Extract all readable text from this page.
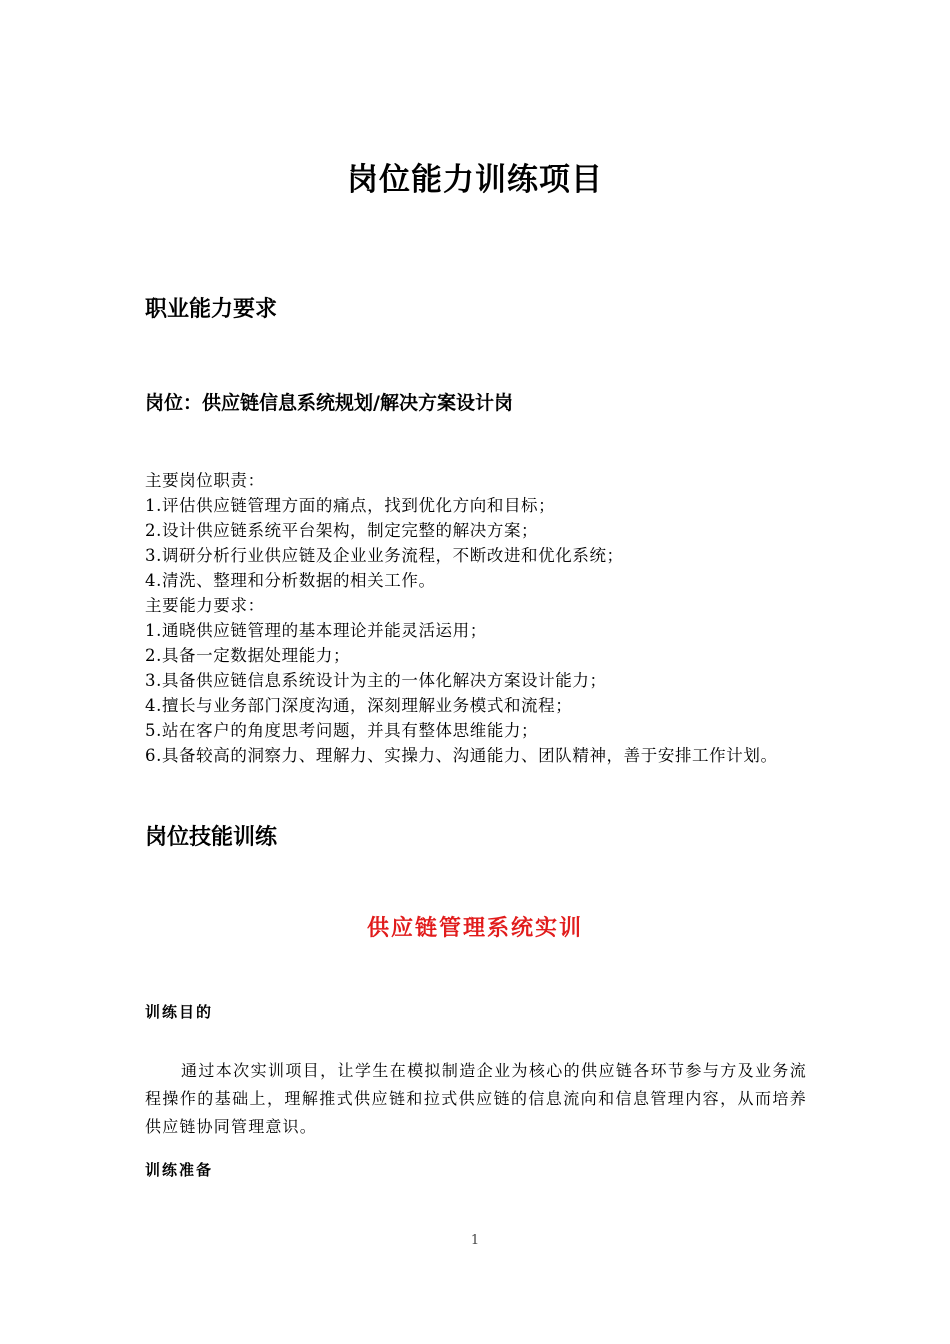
岗位能力训练项目
职业能力要求
岗位：供应链信息系统规划/解决方案设计岗
主要岗位职责：
1.评估供应链管理方面的痛点，找到优化方向和目标；
2.设计供应链系统平台架构，制定完整的解决方案；
3.调研分析行业供应链及企业业务流程，不断改进和优化系统；
4.清洗、整理和分析数据的相关工作。
主要能力要求：
1.通晓供应链管理的基本理论并能灵活运用；
2.具备一定数据处理能力；
3.具备供应链信息系统设计为主的一体化解决方案设计能力；
4.擅长与业务部门深度沟通，深刻理解业务模式和流程；
5.站在客户的角度思考问题，并具有整体思维能力；
6.具备较高的洞察力、理解力、实操力、沟通能力、团队精神，善于安排工作计划。
岗位技能训练
供应链管理系统实训
训练目的
通过本次实训项目，让学生在模拟制造企业为核心的供应链各环节参与方及业务流程操作的基础上，理解推式供应链和拉式供应链的信息流向和信息管理内容，从而培养供应链协同管理意识。
训练准备
1
